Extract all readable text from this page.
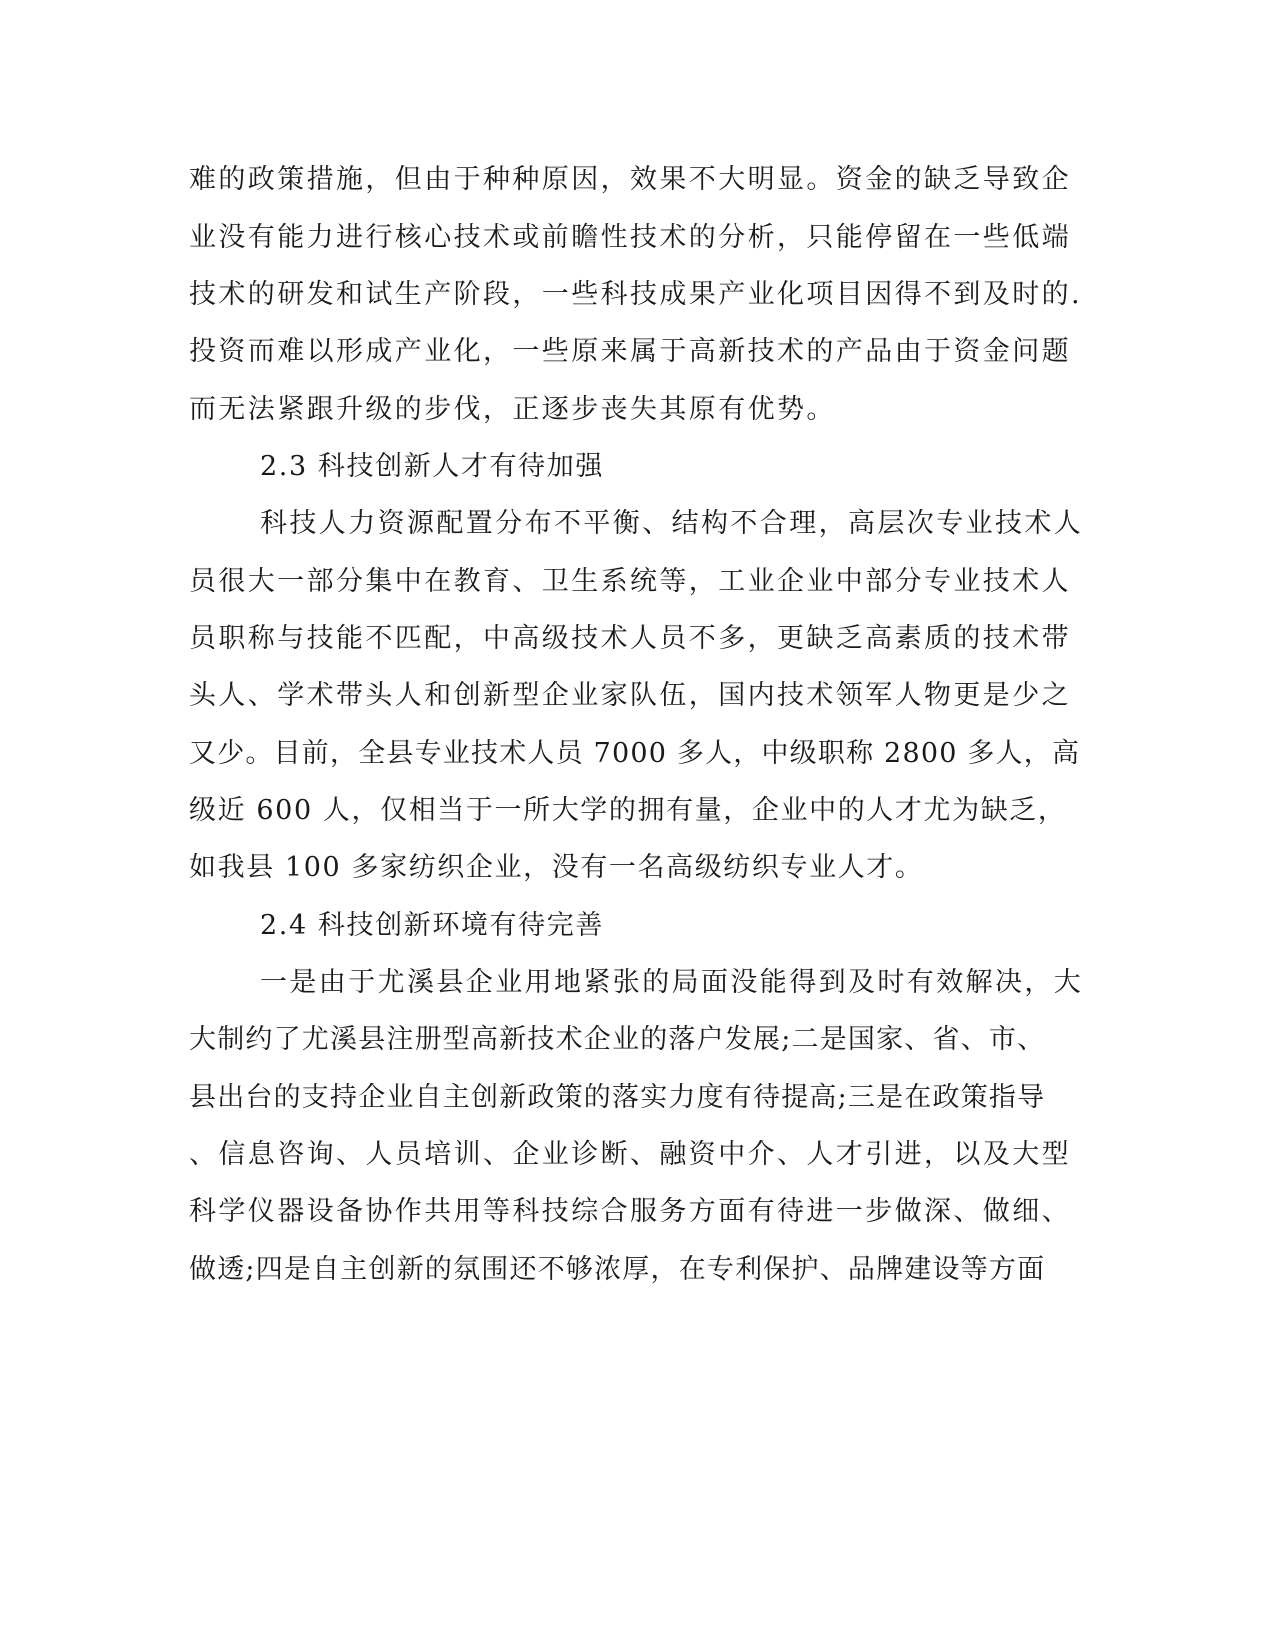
难的政策措施，但由于种种原因，效果不大明显。资金的缺乏导致企
业没有能力进行核心技术或前瞻性技术的分析，只能停留在一些低端
技术的研发和试生产阶段，一些科技成果产业化项目因得不到及时的.
投资而难以形成产业化，一些原来属于高新技术的产品由于资金问题
而无法紧跟升级的步伐，正逐步丧失其原有优势。
2.3 科技创新人才有待加强
科技人力资源配置分布不平衡、结构不合理，高层次专业技术人
员很大一部分集中在教育、卫生系统等，工业企业中部分专业技术人
员职称与技能不匹配，中高级技术人员不多，更缺乏高素质的技术带
头人、学术带头人和创新型企业家队伍，国内技术领军人物更是少之
又少。目前，全县专业技术人员 7000 多人，中级职称 2800 多人，高
级近 600 人，仅相当于一所大学的拥有量，企业中的人才尤为缺乏，
如我县 100 多家纺织企业，没有一名高级纺织专业人才。
2.4 科技创新环境有待完善
一是由于尤溪县企业用地紧张的局面没能得到及时有效解决，大
大制约了尤溪县注册型高新技术企业的落户发展;二是国家、省、市、
县出台的支持企业自主创新政策的落实力度有待提高;三是在政策指导
、信息咨询、人员培训、企业诊断、融资中介、人才引进，以及大型
科学仪器设备协作共用等科技综合服务方面有待进一步做深、做细、
做透;四是自主创新的氛围还不够浓厚，在专利保护、品牌建设等方面
